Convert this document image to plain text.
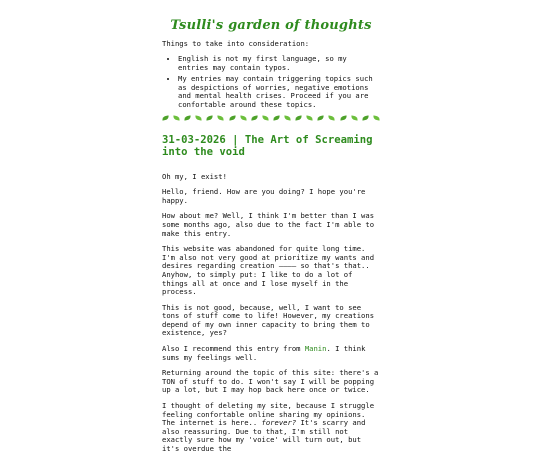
Tsulli's garden of thoughts

Things to take into consideration:

• English is not my first language, so my entries may contain typos.
• My entries may contain triggering topics such as despictions of worries, negative emotions and mental health crises. Proceed if you are confortable around these topics.
31-03-2026 | The Art of Screaming into the void

Oh my, I exist!

Hello, friend. How are you doing? I hope you're happy.

How about me? Well, I think I'm better than I was some months ago, also due to the fact I'm able to make this entry.

This website was abandoned for quite long time. I'm also not very good at prioritize my wants and desires regarding creation ———— so that's that.. Anyhow, to simply put: I like to do a lot of things all at once and I lose myself in the process.

This is not good, because, well, I want to see tons of stuff come to life! However, my creations depend of my own inner capacity to bring them to existence, yes?

Also I recommend this entry from Manin. I think sums my feelings well.

Returning around the topic of this site: there's a TON of stuff to do. I won't say I will be popping up a lot, but I may hop back here once or twice.

I thought of deleting my site, because I struggle feeling confortable online sharing my opinions. The internet is here.. forever? It's scarry and also reassuring. Due to that, I'm still not exactly sure how my 'voice' will turn out, but it's overdue the
